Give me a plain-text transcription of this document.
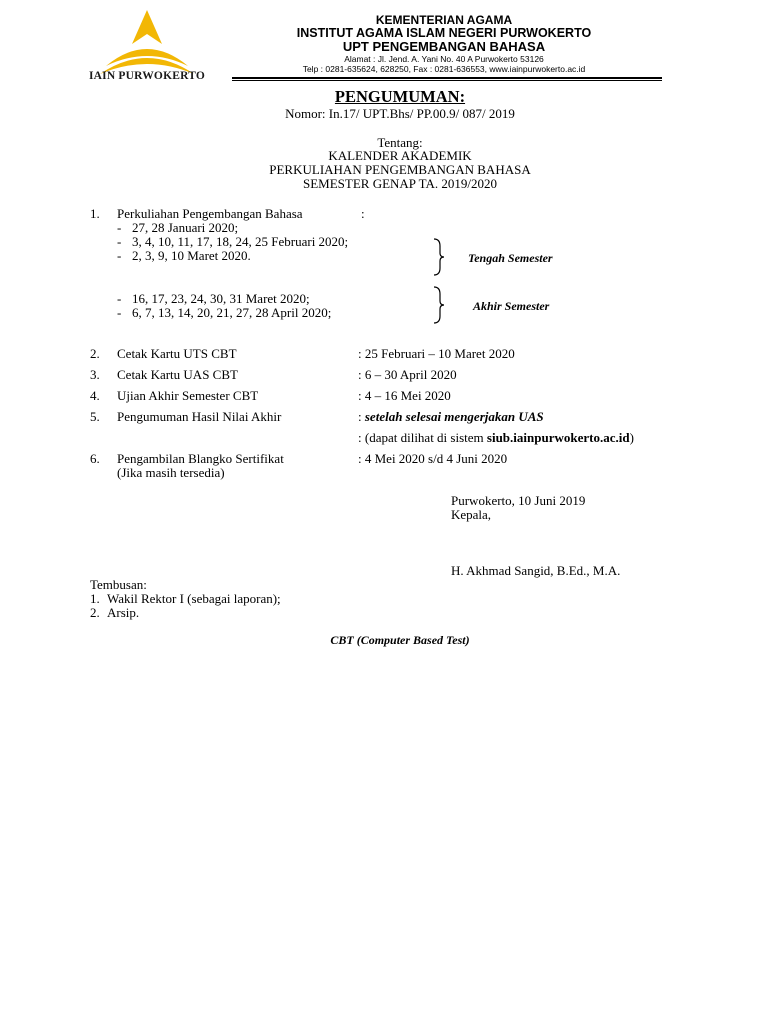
IAIN PURWOKERTO
KEMENTERIAN AGAMA
INSTITUT AGAMA ISLAM NEGERI PURWOKERTO
UPT PENGEMBANGAN BAHASA
Alamat : Jl. Jend. A. Yani No. 40 A Purwokerto 53126
Telp : 0281-635624, 628250, Fax : 0281-636553, www.iainpurwokerto.ac.id
PENGUMUMAN:
Nomor: In.17/ UPT.Bhs/ PP.00.9/ 087/ 2019
Tentang:
KALENDER AKADEMIK
PERKULIAHAN PENGEMBANGAN BAHASA
SEMESTER GENAP TA. 2019/2020
1. Perkuliahan Pengembangan Bahasa	:
- 27, 28 Januari 2020;
- 3, 4, 10, 11, 17, 18, 24, 25 Februari 2020;
- 2, 3, 9, 10 Maret 2020.	Tengah Semester
- 16, 17, 23, 24, 30, 31 Maret 2020;
- 6, 7, 13, 14, 20, 21, 27, 28 April 2020;	Akhir Semester
2. Cetak Kartu UTS CBT	: 25 Februari – 10 Maret 2020
3. Cetak Kartu UAS CBT	: 6 – 30 April 2020
4. Ujian Akhir Semester CBT	: 4 – 16 Mei 2020
5. Pengumuman Hasil Nilai Akhir	: setelah selesai mengerjakan UAS
: (dapat dilihat di sistem siub.iainpurwokerto.ac.id)
6. Pengambilan Blangko Sertifikat
(Jika masih tersedia)
: 4 Mei 2020 s/d 4 Juni 2020
Purwokerto, 10 Juni 2019
Kepala,
H. Akhmad Sangid, B.Ed., M.A.
Tembusan:
1. Wakil Rektor I (sebagai laporan);
2. Arsip.
CBT (Computer Based Test)
